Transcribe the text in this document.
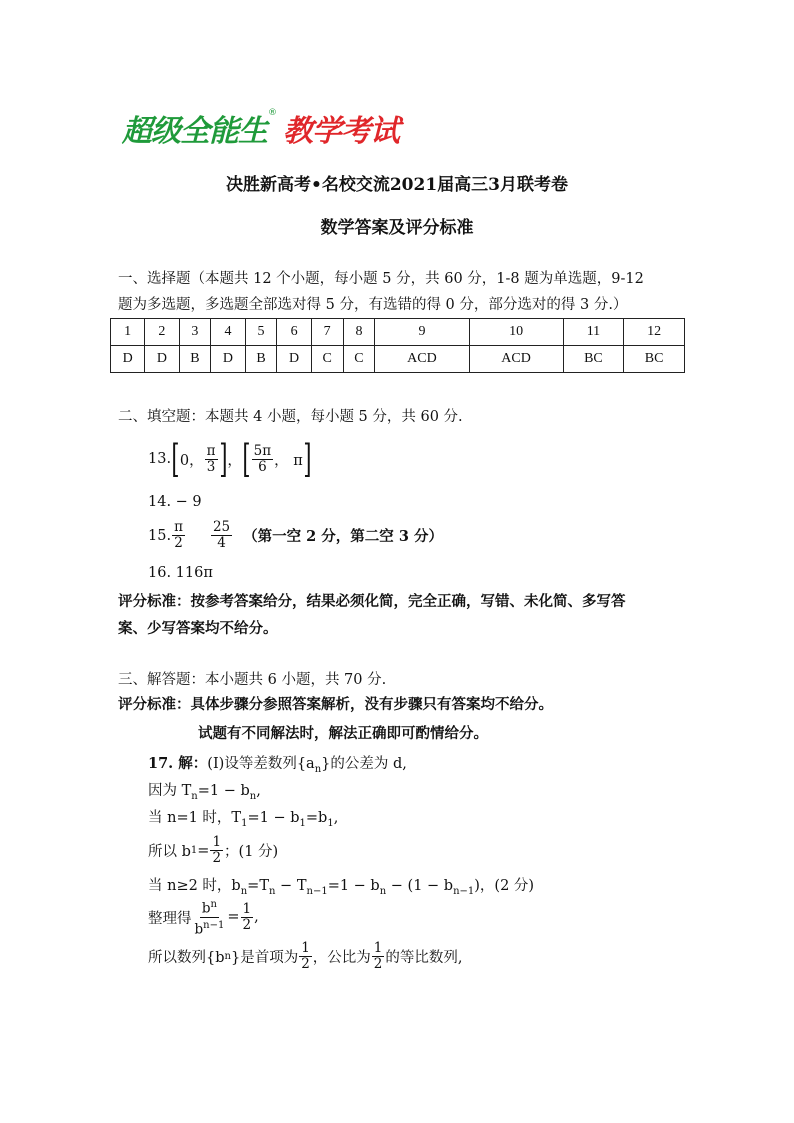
超级全能生
®
教学考试
决胜新高考•名校交流2021届高三3月联考卷
数学答案及评分标准
一、选择题（本题共 12 个小题，每小题 5 分，共 60 分，1-8 题为单选题，9-12
题为多选题，多选题全部选对得 5 分，有选错的得 0 分，部分选对的得 3 分.）
1	2	3	4	5	6	7	8	9	10	11	12
D	D	B	D	B	D	C	C	ACD	ACD	BC	BC
二、填空题：本题共 4 小题，每小题 5 分，共 60 分.
13. [ 0， $\frac{\pi}{3}$ ] ， [ $\frac{5\pi}{6}$ ， π ]
14. − 9
15. $\frac{\pi}{2} \frac{25}{4}$ （第一空 2 分，第二空 3 分）
16. 116π
评分标准：按参考答案给分，结果必须化简，完全正确，写错、未化简、多写答
案、少写答案均不给分。
三、解答题：本小题共 6 小题，共 70 分.
评分标准：具体步骤分参照答案解析，没有步骤只有答案均不给分。
试题有不同解法时，解法正确即可酌情给分。
17. 解：(Ⅰ)设等差数列$\{a_n\}$的公差为 d,
因为 $T_n=1 - b_n$,
当 n=1 时，$T_1=1 - b_1=b_1$,
所以 b $1 = \frac{1}{2}$ ；(1 分)
当 n≥2 时，$b_n=T_n - T_{n-1}=1 - b_n - (1 - b_{n-1})$，(2 分)
整理得 $\frac{b^n}{b^{n-1}} = \frac{1}{2}$ ,
所以数列{b n }是首项为 $\frac{1}{2}$ ，公比为 $\frac{1}{2}$ 的等比数列,
